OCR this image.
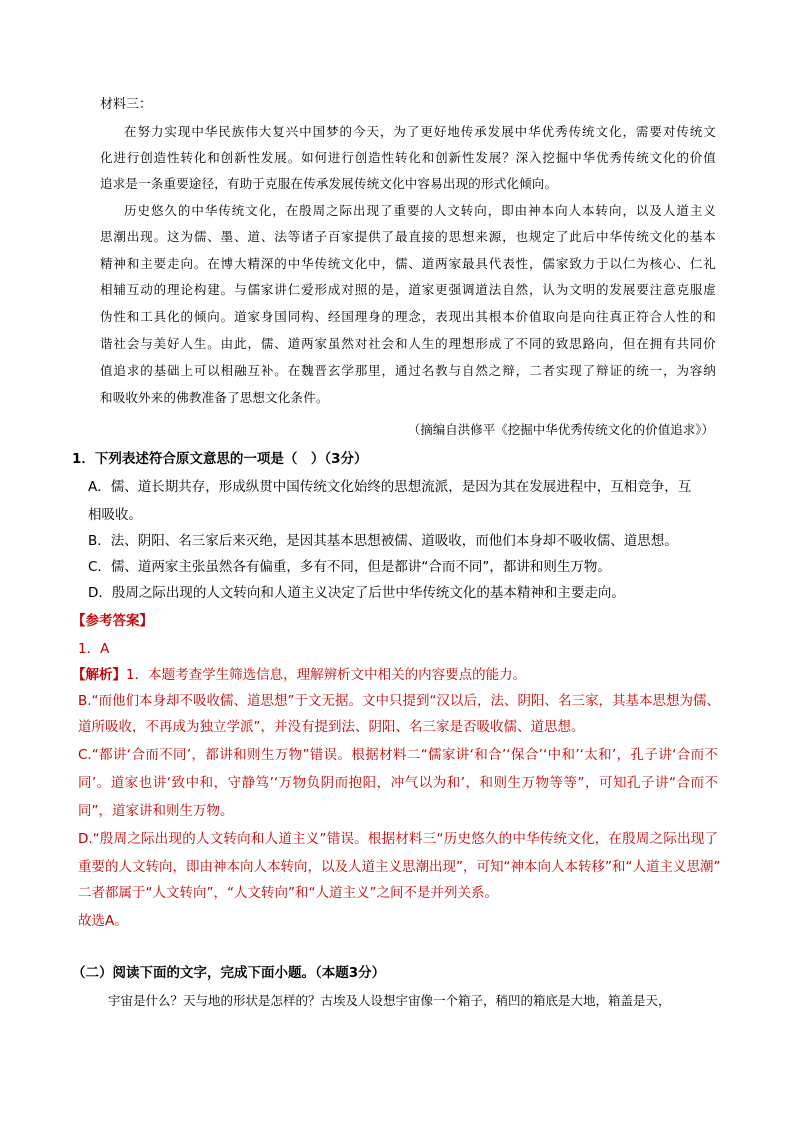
材料三：
在努力实现中华民族伟大复兴中国梦的今天，为了更好地传承发展中华优秀传统文化，需要对传统文
化进行创造性转化和创新性发展。如何进行创造性转化和创新性发展？深入挖掘中华优秀传统文化的价值
追求是一条重要途径，有助于克服在传承发展传统文化中容易出现的形式化倾向。
历史悠久的中华传统文化，在殷周之际出现了重要的人文转向，即由神本向人本转向，以及人道主义
思潮出现。这为儒、墨、道、法等诸子百家提供了最直接的思想来源，也规定了此后中华传统文化的基本
精神和主要走向。在博大精深的中华传统文化中，儒、道两家最具代表性，儒家致力于以仁为核心、仁礼
相辅互动的理论构建。与儒家讲仁爱形成对照的是，道家更强调道法自然，认为文明的发展要注意克服虚
伪性和工具化的倾向。道家身国同构、经国理身的理念，表现出其根本价值取向是向往真正符合人性的和
谐社会与美好人生。由此，儒、道两家虽然对社会和人生的理想形成了不同的致思路向，但在拥有共同价
值追求的基础上可以相融互补。在魏晋玄学那里，通过名教与自然之辩，二者实现了辩证的统一，为容纳
和吸收外来的佛教准备了思想文化条件。
（摘编自洪修平《挖掘中华优秀传统文化的价值追求》）
1．下列表述符合原文意思的一项是（　）（3分）
A．儒、道长期共存，形成纵贯中国传统文化始终的思想流派，是因为其在发展进程中，互相竞争，互
相吸收。
B．法、阴阳、名三家后来灭绝，是因其基本思想被儒、道吸收，而他们本身却不吸收儒、道思想。
C．儒、道两家主张虽然各有偏重，多有不同，但是都讲“合而不同”，都讲和则生万物。
D．殷周之际出现的人文转向和人道主义决定了后世中华传统文化的基本精神和主要走向。
【参考答案】
1．A
【解析】1．本题考查学生筛选信息，理解辨析文中相关的内容要点的能力。
B.“而他们本身却不吸收儒、道思想”于文无据。文中只提到“汉以后，法、阴阳、名三家，其基本思想为儒、
道所吸收，不再成为独立学派”，并没有提到法、阴阳、名三家是否吸收儒、道思想。
C.“都讲‘合而不同’，都讲和则生万物”错误。根据材料二“儒家讲‘和合’‘保合’‘中和’‘太和’，孔子讲‘合而不
同’。道家也讲‘致中和，守静笃’‘万物负阴而抱阳，冲气以为和’，和则生万物等等”，可知孔子讲“合而不
同”，道家讲和则生万物。
D.“殷周之际出现的人文转向和人道主义”错误。根据材料三“历史悠久的中华传统文化，在殷周之际出现了
重要的人文转向，即由神本向人本转向，以及人道主义思潮出现”，可知“神本向人本转移”和“人道主义思潮”
二者都属于“人文转向”，“人文转向”和“人道主义”之间不是并列关系。
故选A。
（二）阅读下面的文字，完成下面小题。（本题3分）
宇宙是什么？天与地的形状是怎样的？古埃及人设想宇宙像一个箱子，稍凹的箱底是大地，箱盖是天，
